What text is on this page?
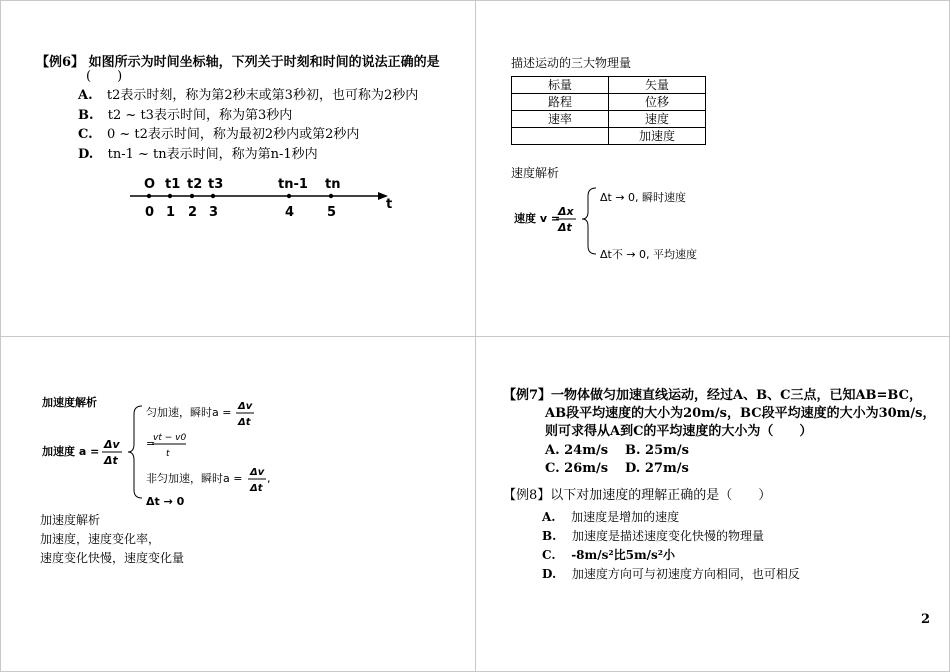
【例6】 如图所示为时间坐标轴，下列关于时刻和时间的说法正确的是
(　　)
A. t2表示时刻，称为第2秒末或第3秒初，也可称为2秒内
B. t2 ~ t3表示时间，称为第3秒内
C. 0 ~ t2表示时间，称为最初2秒内或第2秒内
D. tn-1 ~ tn表示时间，称为第n-1秒内
O t1 t2 t3	tn-1 tn
0 1 2 3	4	5
t
描述运动的三大物理量
标量	矢量
路程	位移
速率	速度
	加速度
速度解析
速度 v =
Δx
Δt
Δt → 0, 瞬时速度
Δt不 → 0, 平均速度
加速度解析
加速度 a =
Δv
Δt
匀加速，瞬时a = Δv
Δt
=
vt − v0
t
非匀加速，瞬时a = Δv
Δt
,
Δt → 0
加速度解析
加速度，速度变化率，
速度变化快慢，速度变化量
【例7】一物体做匀加速直线运动，经过A、B、C三点，已知AB=BC，
AB段平均速度的大小为20m/s，BC段平均速度的大小为30m/s，
则可求得从A到C的平均速度的大小为（　　）
A. 24m/s B. 25m/s
C. 26m/s D. 27m/s
【例8】以下对加速度的理解正确的是（　　）
A. 加速度是增加的速度
B. 加速度是描述速度变化快慢的物理量
C. -8m/s²比5m/s²小
D. 加速度方向可与初速度方向相同，也可相反
2
